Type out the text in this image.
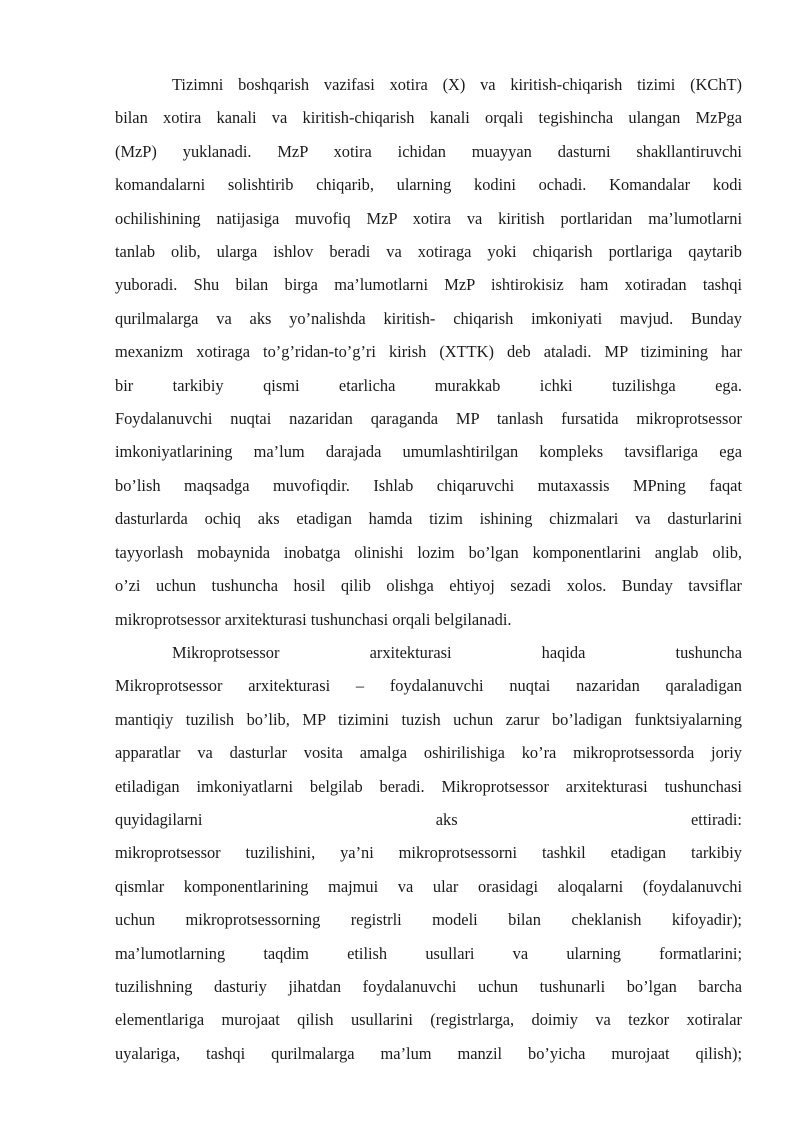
Tizimni boshqarish vazifasi xotira (X) va kiritish-chiqarish tizimi (KChT)
bilan xotira kanali va kiritish-chiqarish kanali orqali tegishincha ulangan MzPga
(MzP) yuklanadi. MzP xotira ichidan muayyan dasturni shakllantiruvchi
komandalarni solishtirib chiqarib, ularning kodini ochadi. Komandalar kodi
ochilishining natijasiga muvofiq MzP xotira va kiritish portlaridan ma’lumotlarni
tanlab olib, ularga ishlov beradi va xotiraga yoki chiqarish portlariga qaytarib
yuboradi. Shu bilan birga ma’lumotlarni MzP ishtirokisiz ham xotiradan tashqi
qurilmalarga va aks yo’nalishda kiritish- chiqarish imkoniyati mavjud. Bunday
mexanizm xotiraga to’g’ridan-to’g’ri kirish (XTTK) deb ataladi. MP tizimining har
bir tarkibiy qismi etarlicha murakkab ichki tuzilishga ega.
Foydalanuvchi nuqtai nazaridan qaraganda MP tanlash fursatida mikroprotsessor
imkoniyatlarining ma’lum darajada umumlashtirilgan kompleks tavsiflariga ega
bo’lish maqsadga muvofiqdir. Ishlab chiqaruvchi mutaxassis MPning faqat
dasturlarda ochiq aks etadigan hamda tizim ishining chizmalari va dasturlarini
tayyorlash mobaynida inobatga olinishi lozim bo’lgan komponentlarini anglab olib,
o’zi uchun tushuncha hosil qilib olishga ehtiyoj sezadi xolos. Bunday tavsiflar
mikroprotsessor arxitekturasi tushunchasi orqali belgilanadi.
Mikroprotsessor arxitekturasi haqida tushuncha
Mikroprotsessor arxitekturasi – foydalanuvchi nuqtai nazaridan qaraladigan
mantiqiy tuzilish bo’lib, MP tizimini tuzish uchun zarur bo’ladigan funktsiyalarning
apparatlar va dasturlar vosita amalga oshirilishiga ko’ra mikroprotsessorda joriy
etiladigan imkoniyatlarni belgilab beradi. Mikroprotsessor arxitekturasi tushunchasi
quyidagilarni aks ettiradi:
mikroprotsessor tuzilishini, ya’ni mikroprotsessorni tashkil etadigan tarkibiy
qismlar komponentlarining majmui va ular orasidagi aloqalarni (foydalanuvchi
uchun mikroprotsessorning registrli modeli bilan cheklanish kifoyadir);
ma’lumotlarning taqdim etilish usullari va ularning formatlarini;
tuzilishning dasturiy jihatdan foydalanuvchi uchun tushunarli bo’lgan barcha
elementlariga murojaat qilish usullarini (registrlarga, doimiy va tezkor xotiralar
uyalariga, tashqi qurilmalarga ma’lum manzil bo’yicha murojaat qilish);
